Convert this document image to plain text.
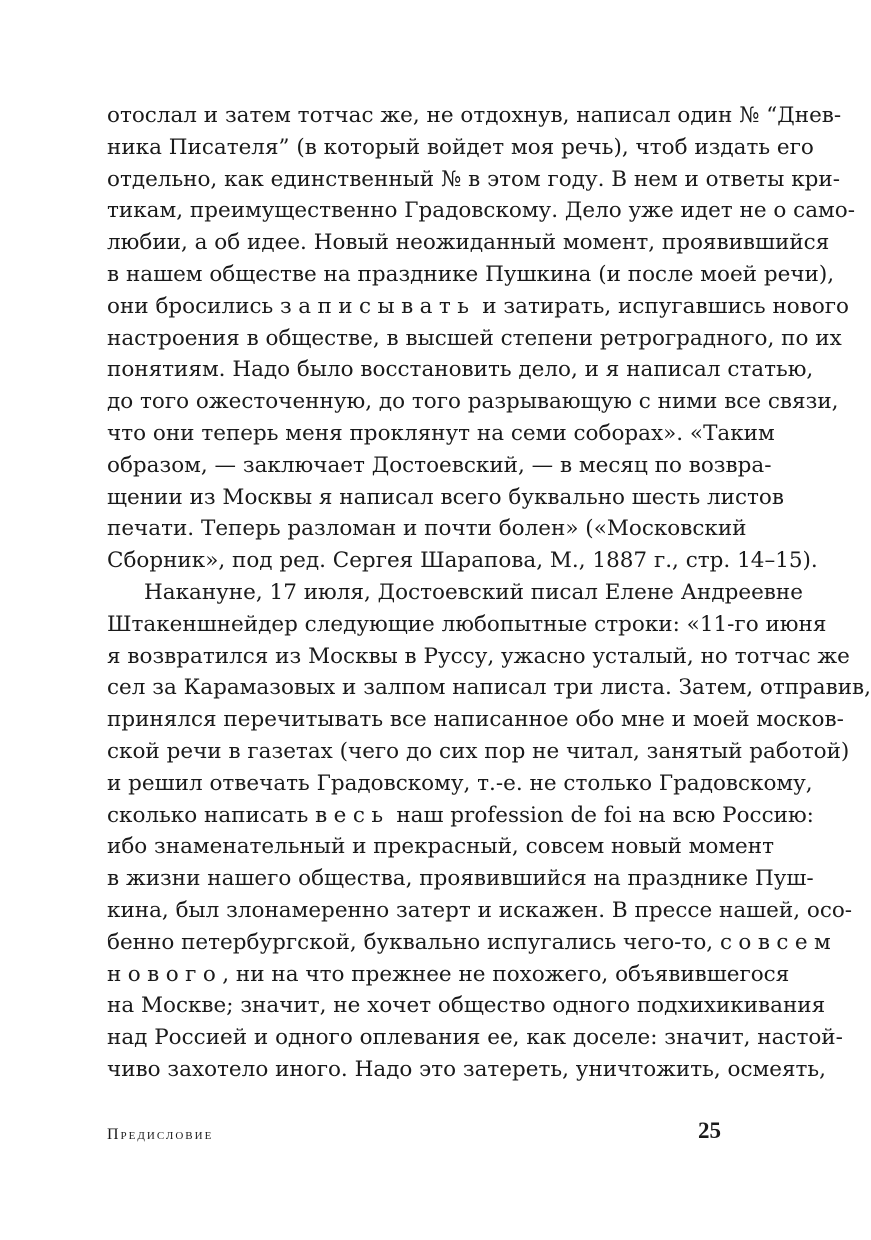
отослал и затем тотчас же, не отдохнув, написал один № “Днев-
ника Писателя” (в который войдет моя речь), чтоб издать его
отдельно, как единственный № в этом году. В нем и ответы кри-
тикам, преимущественно Градовскому. Дело уже идет не о само-
любии, а об идее. Новый неожиданный момент, проявившийся
в нашем обществе на празднике Пушкина (и после моей речи),
они бросились записывать и затирать, испугавшись нового
настроения в обществе, в высшей степени ретроградного, по их
понятиям. Надо было восстановить дело, и я написал статью,
до того ожесточенную, до того разрывающую с ними все связи,
что они теперь меня проклянут на семи соборах». «Таким
образом, — заключает Достоевский, — в месяц по возвра-
щении из Москвы я написал всего буквально шесть листов
печати. Теперь разломан и почти болен» («Московский
Сборник», под ред. Сергея Шарапова, М., 1887 г., стр. 14–15).
Накануне, 17 июля, Достоевский писал Елене Андреевне
Штакеншнейдер следующие любопытные строки: «11-го июня
я возвратился из Москвы в Руссу, ужасно усталый, но тотчас же
сел за Карамазовых и залпом написал три листа. Затем, отправив,
принялся перечитывать все написанное обо мне и моей москов-
ской речи в газетах (чего до сих пор не читал, занятый работой)
и решил отвечать Градовскому, т.-е. не столько Градовскому,
сколько написать весь наш profession de foi на всю Россию:
ибо знаменательный и прекрасный, совсем новый момент
в жизни нашего общества, проявившийся на празднике Пуш-
кина, был злонамеренно затерт и искажен. В прессе нашей, осо-
бенно петербургской, буквально испугались чего-то, совсем
нового, ни на что прежнее не похожего, объявившегося
на Москве; значит, не хочет общество одного подхихикивания
над Россией и одного оплевания ее, как доселе: значит, настой-
чиво захотело иного. Надо это затереть, уничтожить, осмеять,
Предисловие	25
